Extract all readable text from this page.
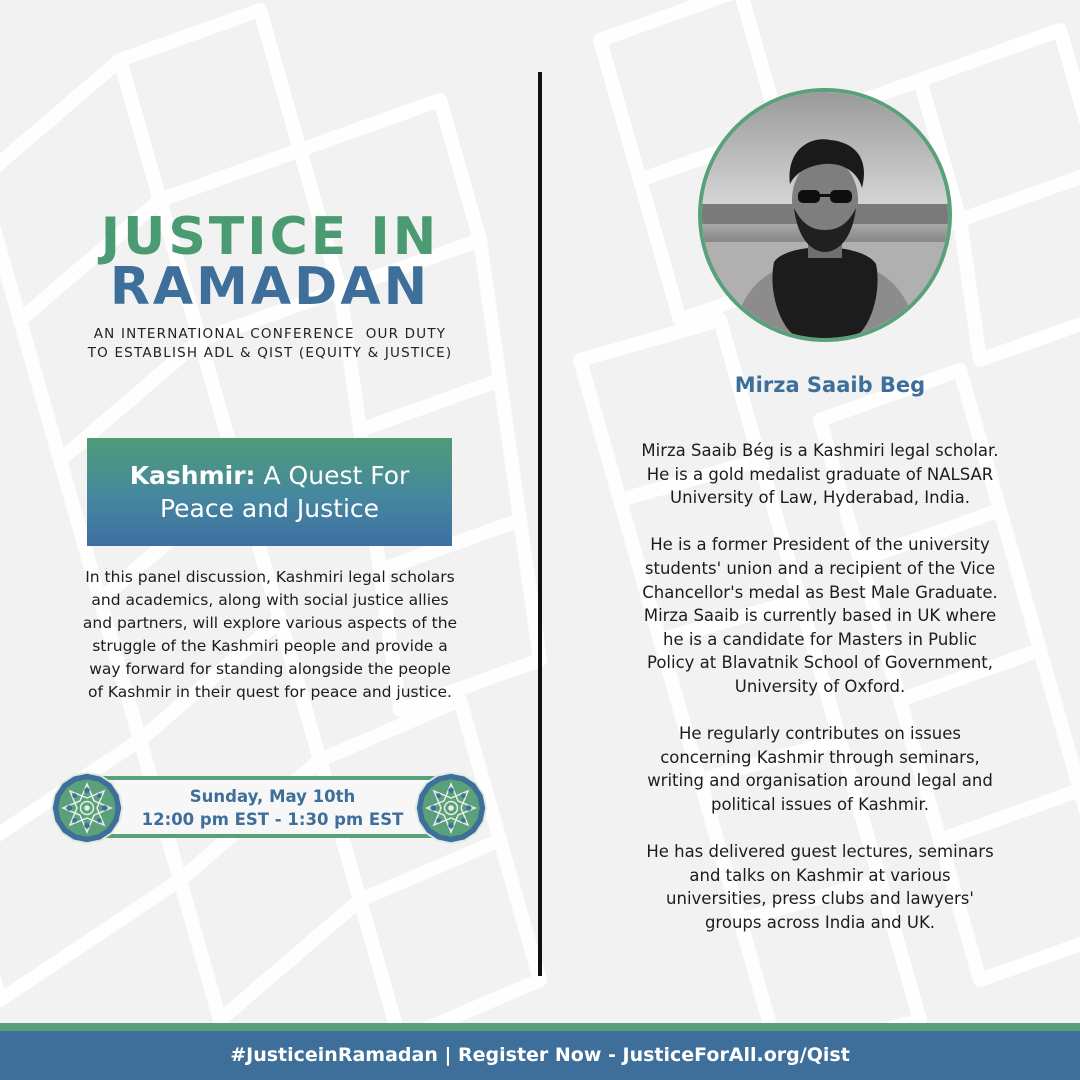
JUSTICE IN
RAMADAN
AN INTERNATIONAL CONFERENCE  OUR DUTY
TO ESTABLISH ADL & QIST (EQUITY & JUSTICE)
Kashmir: A Quest For
Peace and Justice
In this panel discussion, Kashmiri legal scholars
and academics, along with social justice allies
and partners, will explore various aspects of the
struggle of the Kashmiri people and provide a
way forward for standing alongside the people
of Kashmir in their quest for peace and justice.
Sunday, May 10th
12:00 pm EST - 1:30 pm EST
Mirza Saaib Beg

Mirza Saaib Bég is a Kashmiri legal scholar.
He is a gold medalist graduate of NALSAR
University of Law, Hyderabad, India.

He is a former President of the university
students' union and a recipient of the Vice
Chancellor's medal as Best Male Graduate.
Mirza Saaib is currently based in UK where
he is a candidate for Masters in Public
Policy at Blavatnik School of Government,
University of Oxford.

He regularly contributes on issues
concerning Kashmir through seminars,
writing and organisation around legal and
political issues of Kashmir.

He has delivered guest lectures, seminars
and talks on Kashmir at various
universities, press clubs and lawyers'
groups across India and UK.

#JusticeinRamadan | Register Now - JusticeForAll.org/Qist
